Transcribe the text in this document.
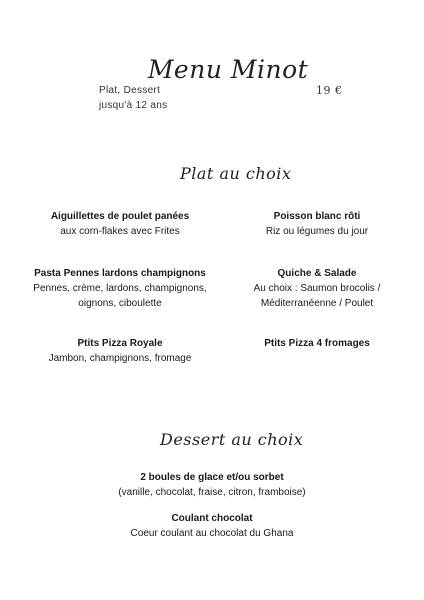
Menu Minot
Plat, Dessert
jusqu'à 12 ans
19 €
Plat au choix
Aiguillettes de poulet panées
aux corn-flakes avec Frites
Poisson blanc rôti
Riz ou légumes du jour
Pasta Pennes lardons champignons
Pennes, crème, lardons, champignons,
oignons, ciboulette
Quiche & Salade
Au choix : Saumon brocolis /
Méditerranéenne / Poulet
Ptits Pizza Royale
Jambon, champignons, fromage
Ptits Pizza 4 fromages
Dessert au choix
2 boules de glace et/ou sorbet
(vanille, chocolat, fraise, citron, framboise)
Coulant chocolat
Coeur coulant au chocolat du Ghana
